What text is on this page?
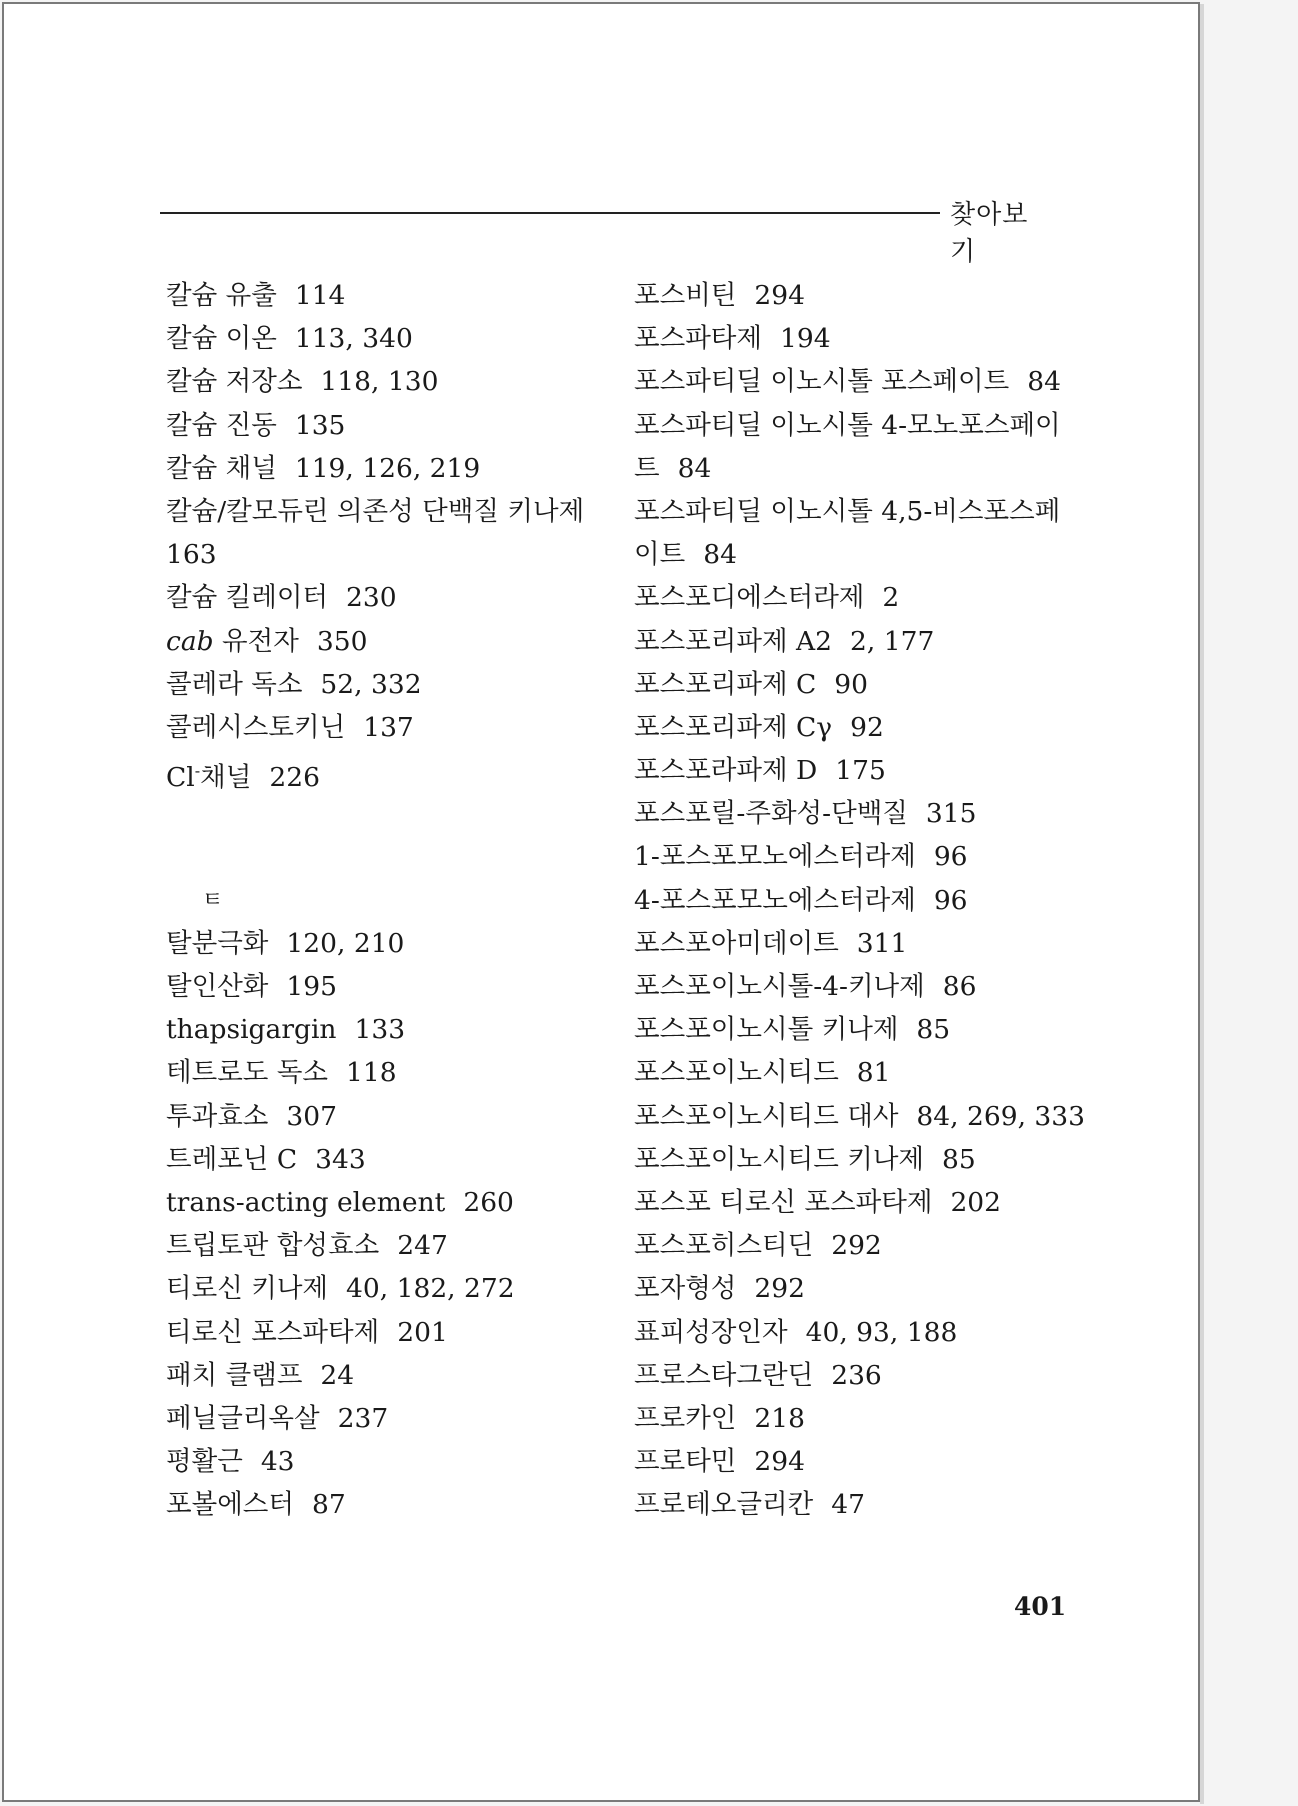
찾아보기
칼슘 유출 114
칼슘 이온 113, 340
칼슘 저장소 118, 130
칼슘 진동 135
칼슘 채널 119, 126, 219
칼슘/칼모듀린 의존성 단백질 키나제
163
칼슘 킬레이터 230
cab 유전자 350
콜레라 독소 52, 332
콜레시스토키닌 137
Cl-채널 226
ㅌ
탈분극화 120, 210
탈인산화 195
thapsigargin 133
테트로도 독소 118
투과효소 307
트레포닌 C 343
trans-acting element 260
트립토판 합성효소 247
티로신 키나제 40, 182, 272
티로신 포스파타제 201
패치 클램프 24
페닐글리옥살 237
평활근 43
포볼에스터 87
포스비틴 294
포스파타제 194
포스파티딜 이노시톨 포스페이트 84
포스파티딜 이노시톨 4-모노포스페이
트 84
포스파티딜 이노시톨 4,5-비스포스페
이트 84
포스포디에스터라제 2
포스포리파제 A2 2, 177
포스포리파제 C 90
포스포리파제 Cγ 92
포스포라파제 D 175
포스포릴-주화성-단백질 315
1-포스포모노에스터라제 96
4-포스포모노에스터라제 96
포스포아미데이트 311
포스포이노시톨-4-키나제 86
포스포이노시톨 키나제 85
포스포이노시티드 81
포스포이노시티드 대사 84, 269, 333
포스포이노시티드 키나제 85
포스포 티로신 포스파타제 202
포스포히스티딘 292
포자형성 292
표피성장인자 40, 93, 188
프로스타그란딘 236
프로카인 218
프로타민 294
프로테오글리칸 47
401
